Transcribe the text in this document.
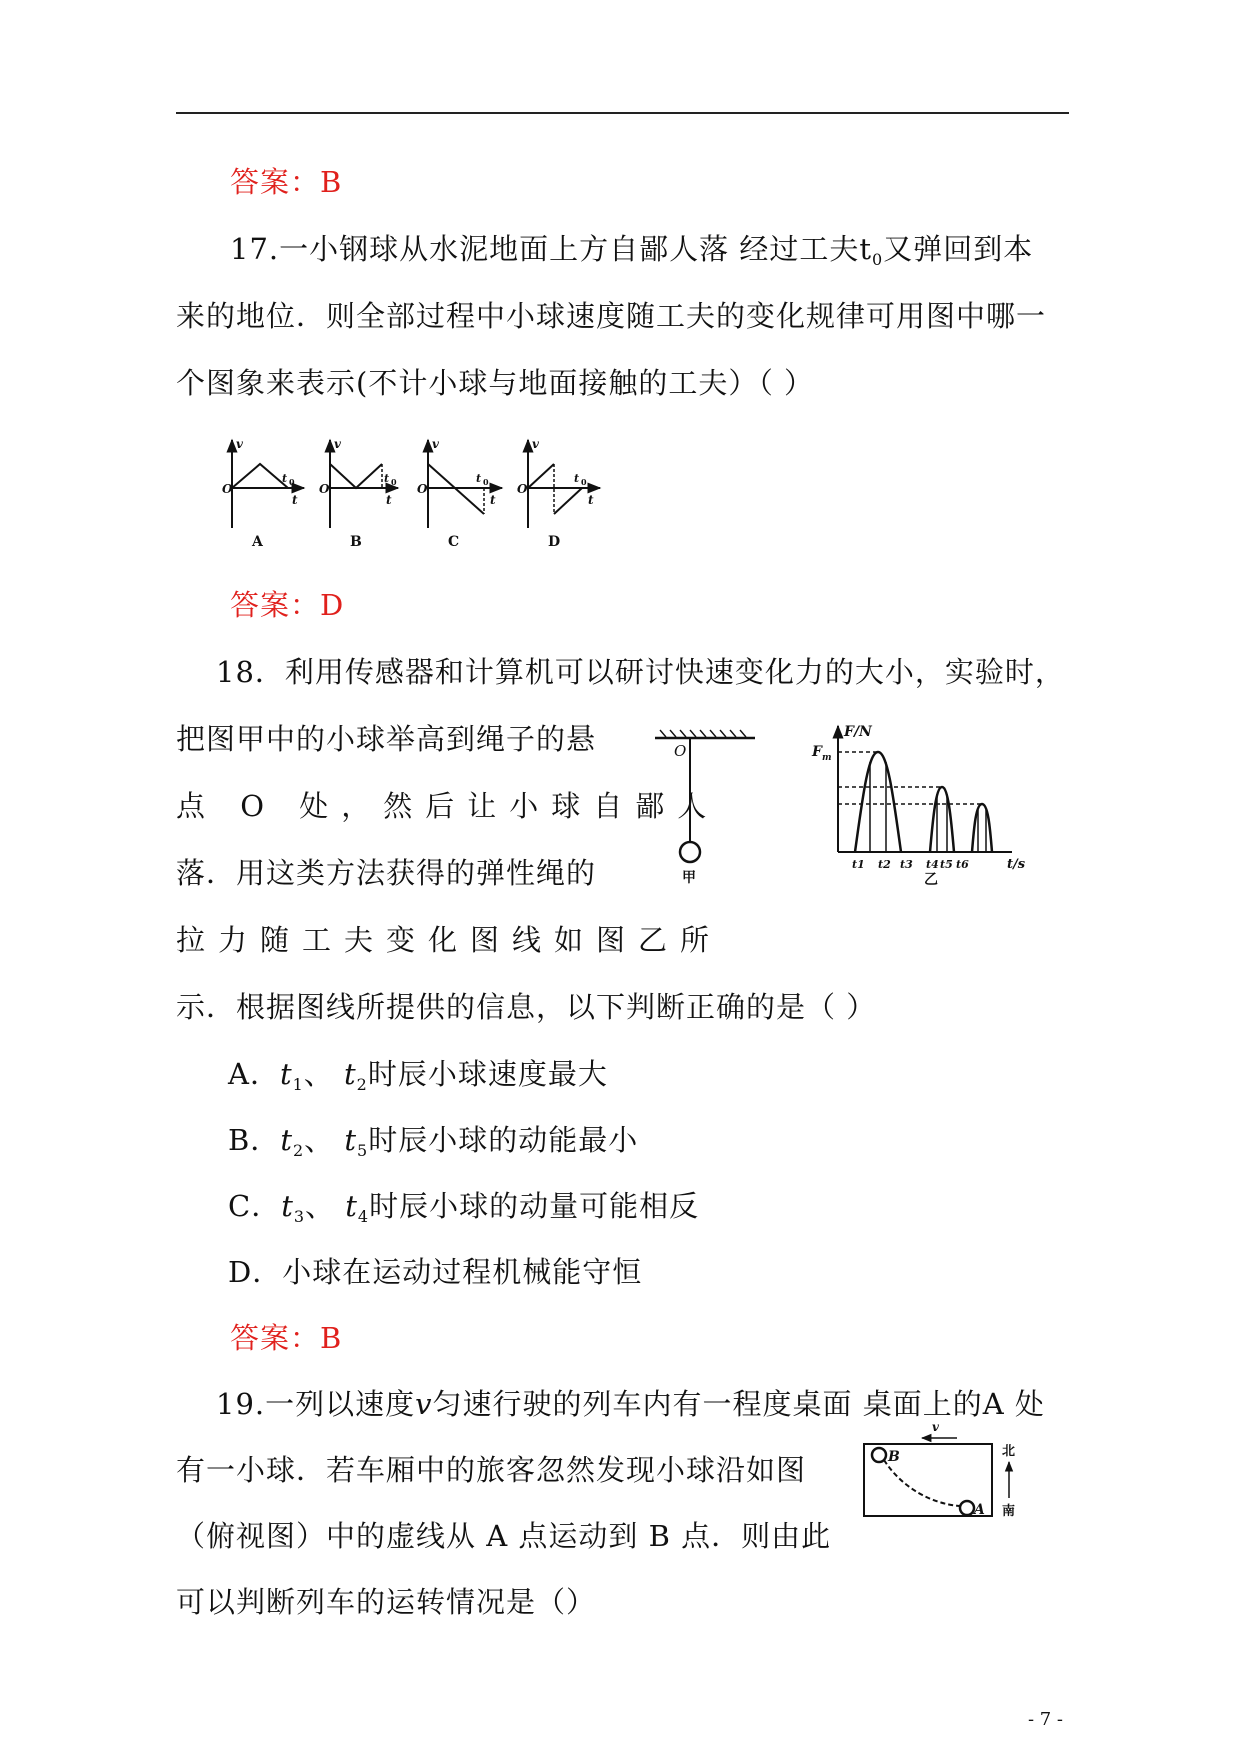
答案：B
17.一小钢球从水泥地面上方自鄙人落 经过工夫$t_0$又弹回到本
来的地位．则全部过程中小球速度随工夫的变化规律可用图中哪一
个图象来表示(不计小球与地面接触的工夫）（ ）
v
O
t 0
t
A
v
O
t 0
t
B
v
O
t 0
t
C
v
O
t 0
t
D
答案：D
18．利用传感器和计算机可以研讨快速变化力的大小，实验时，
把图甲中的小球举高到绳子的悬
点 O 处，然后让小球自鄙人
落．用这类方法获得的弹性绳的
拉力随工夫变化图线如图乙所
示．根据图线所提供的信息，以下判断正确的是（ ）
O
甲
F/N
F m
t1 t2 t3 t4 t5 t6	t/s
乙
A．$t_1$、 $t_2$时辰小球速度最大
B．$t_2$、 $t_5$时辰小球的动能最小
C．$t_3$、 $t_4$时辰小球的动量可能相反
D．小球在运动过程机械能守恒
答案：B
19.一列以速度v匀速行驶的列车内有一程度桌面 桌面上的A 处
有一小球．若车厢中的旅客忽然发现小球沿如图
（俯视图）中的虚线从 A 点运动到 B 点．则由此
可以判断列车的运转情况是（）
v
B
A
北
南
- 7 -
